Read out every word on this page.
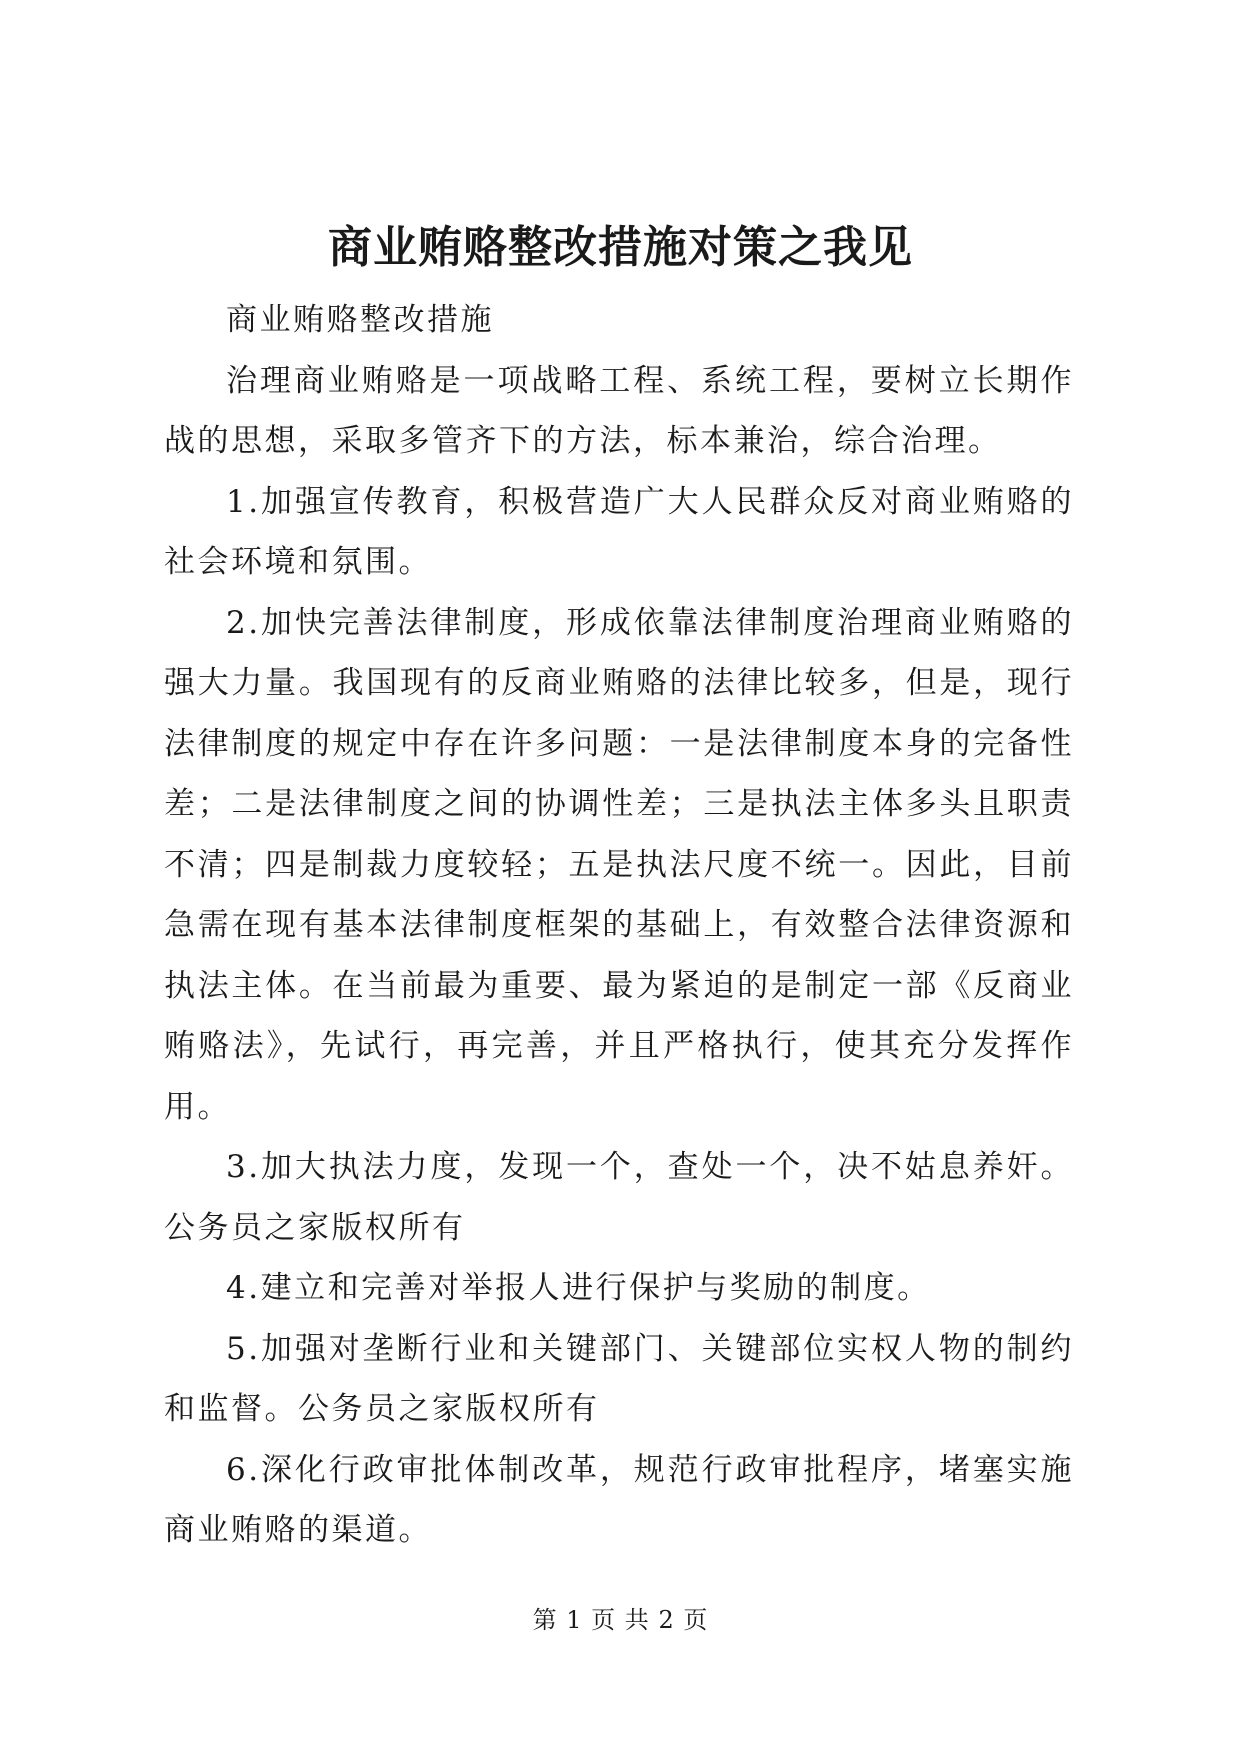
商业贿赂整改措施对策之我见

商业贿赂整改措施

治理商业贿赂是一项战略工程、系统工程，要树立长期作战的思想，采取多管齐下的方法，标本兼治，综合治理。

1.加强宣传教育，积极营造广大人民群众反对商业贿赂的社会环境和氛围。

2.加快完善法律制度，形成依靠法律制度治理商业贿赂的强大力量。我国现有的反商业贿赂的法律比较多，但是，现行法律制度的规定中存在许多问题：一是法律制度本身的完备性差；二是法律制度之间的协调性差；三是执法主体多头且职责不清；四是制裁力度较轻；五是执法尺度不统一。因此，目前急需在现有基本法律制度框架的基础上，有效整合法律资源和执法主体。在当前最为重要、最为紧迫的是制定一部《反商业贿赂法》，先试行，再完善，并且严格执行，使其充分发挥作用。

3.加大执法力度，发现一个，查处一个，决不姑息养奸。公务员之家版权所有

4.建立和完善对举报人进行保护与奖励的制度。

5.加强对垄断行业和关键部门、关键部位实权人物的制约和监督。公务员之家版权所有

6.深化行政审批体制改革，规范行政审批程序，堵塞实施商业贿赂的渠道。

第 1 页 共 2 页
